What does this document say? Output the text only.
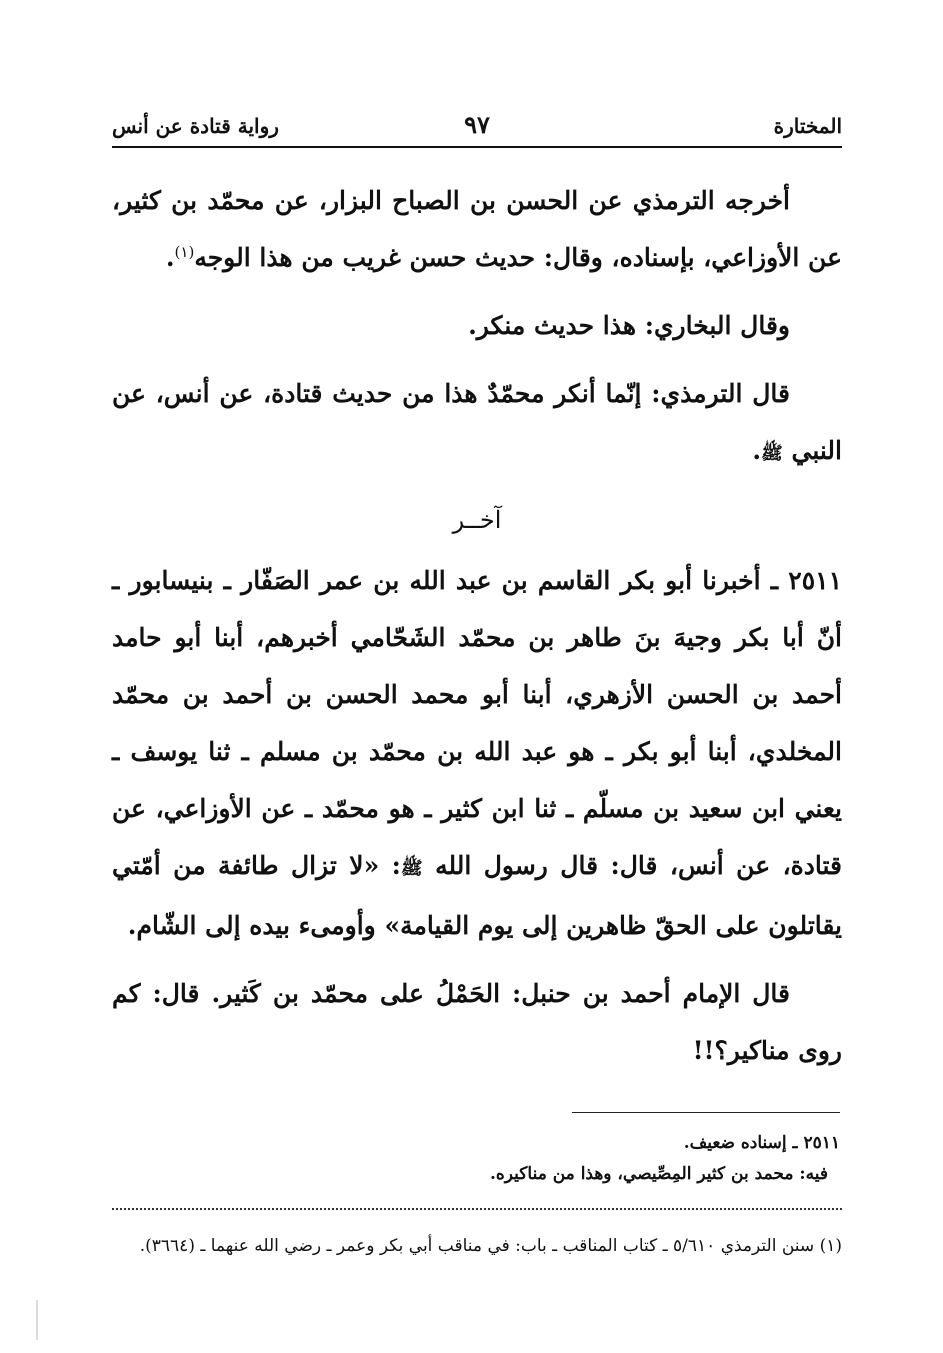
المختارة
٩٧
رواية قتادة عن أنس

أخرجه الترمذي عن الحسن بن الصباح البزار، عن محمّد بن كثير، عن الأوزاعي، بإسناده، وقال: حديث حسن غريب من هذا الوجه$^{(١)}$.

وقال البخاري: هذا حديث منكر.

قال الترمذي: إنّما أنكر محمّدٌ هذا من حديث قتادة، عن أنس، عن النبي ﷺ.

آخــر

٢٥١١ ـ أخبرنا أبو بكر القاسم بن عبد الله بن عمر الصَفّار ـ بنيسابور ـ أنّ أبا بكر وجيهَ بنَ طاهر بن محمّد الشَحّامي أخبرهم، أبنا أبو حامد أحمد بن الحسن الأزهري، أبنا أبو محمد الحسن بن أحمد بن محمّد المخلدي، أبنا أبو بكر ـ هو عبد الله بن محمّد بن مسلم ـ ثنا يوسف ـ يعني ابن سعيد بن مسلّم ـ ثنا ابن كثير ـ هو محمّد ـ عن الأوزاعي، عن قتادة، عن أنس، قال: قال رسول الله ﷺ: «لا تزال طائفة من أمّتي يقاتلون على الحقّ ظاهرين إلى يوم القيامة» وأومىء بيده إلى الشّام.

قال الإمام أحمد بن حنبل: الحَمْلُ على محمّد بن كَثير. قال: كم روى مناكير؟!!

٢٥١١ ـ إسناده ضعيف.

فيه: محمد بن كثير المِصِّيصي، وهذا من مناكيره.

(١) سنن الترمذي ٥/٦١٠ ـ كتاب المناقب ـ باب: في مناقب أبي بكر وعمر ـ رضي الله عنهما ـ (٣٦٦٤).
